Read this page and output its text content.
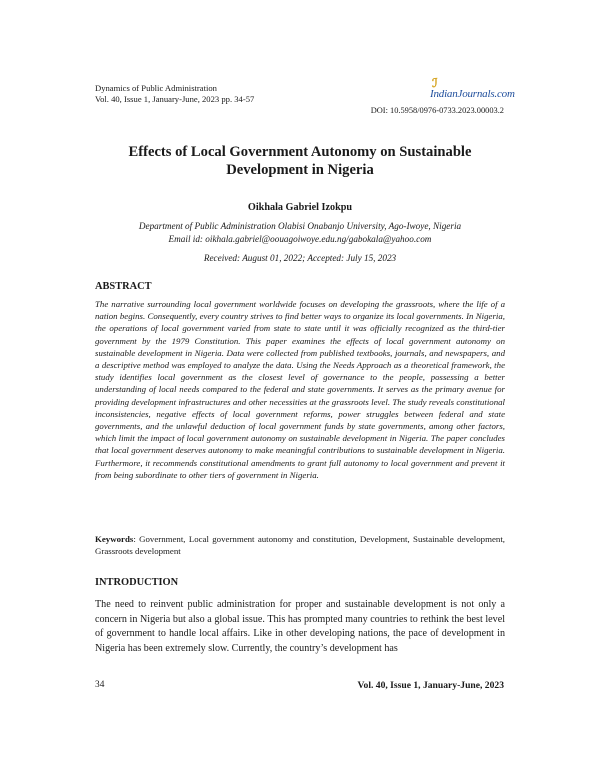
Dynamics of Public Administration
Vol. 40, Issue 1, January-June, 2023 pp. 34-57
ℐ
IndianJournals.com
DOI: 10.5958/0976-0733.2023.00003.2
Effects of Local Government Autonomy on Sustainable
Development in Nigeria
Oikhala Gabriel Izokpu
Department of Public Administration Olabisi Onabanjo University, Ago-Iwoye, Nigeria
Email id: oikhala.gabriel@oouagoiwoye.edu.ng/gabokala@yahoo.com
Received: August 01, 2022; Accepted: July 15, 2023
ABSTRACT

The narrative surrounding local government worldwide focuses on developing the grassroots, where the life of a nation begins. Consequently, every country strives to find better ways to organize its local governments. In Nigeria, the operations of local government varied from state to state until it was officially recognized as the third-tier government by the 1979 Constitution. This paper examines the effects of local government autonomy on sustainable development in Nigeria. Data were collected from published textbooks, journals, and newspapers, and a descriptive method was employed to analyze the data. Using the Needs Approach as a theoretical framework, the study identifies local government as the closest level of governance to the people, possessing a better understanding of local needs compared to the federal and state governments. It serves as the primary avenue for providing development infrastructures and other necessities at the grassroots level. The study reveals constitutional inconsistencies, negative effects of local government reforms, power struggles between federal and state governments, and the unlawful deduction of local government funds by state governments, among other factors, which limit the impact of local government autonomy on sustainable development in Nigeria. The paper concludes that local government deserves autonomy to make meaningful contributions to sustainable development in Nigeria. Furthermore, it recommends constitutional amendments to grant full autonomy to local government and prevent it from being subordinate to other tiers of government in Nigeria.

Keywords: Government, Local government autonomy and constitution, Development, Sustainable development, Grassroots development

INTRODUCTION

The need to reinvent public administration for proper and sustainable development is not only a concern in Nigeria but also a global issue. This has prompted many countries to rethink the best level of government to handle local affairs. Like in other developing nations, the pace of development in Nigeria has been extremely slow. Currently, the country’s development has

34	Vol. 40, Issue 1, January-June, 2023
